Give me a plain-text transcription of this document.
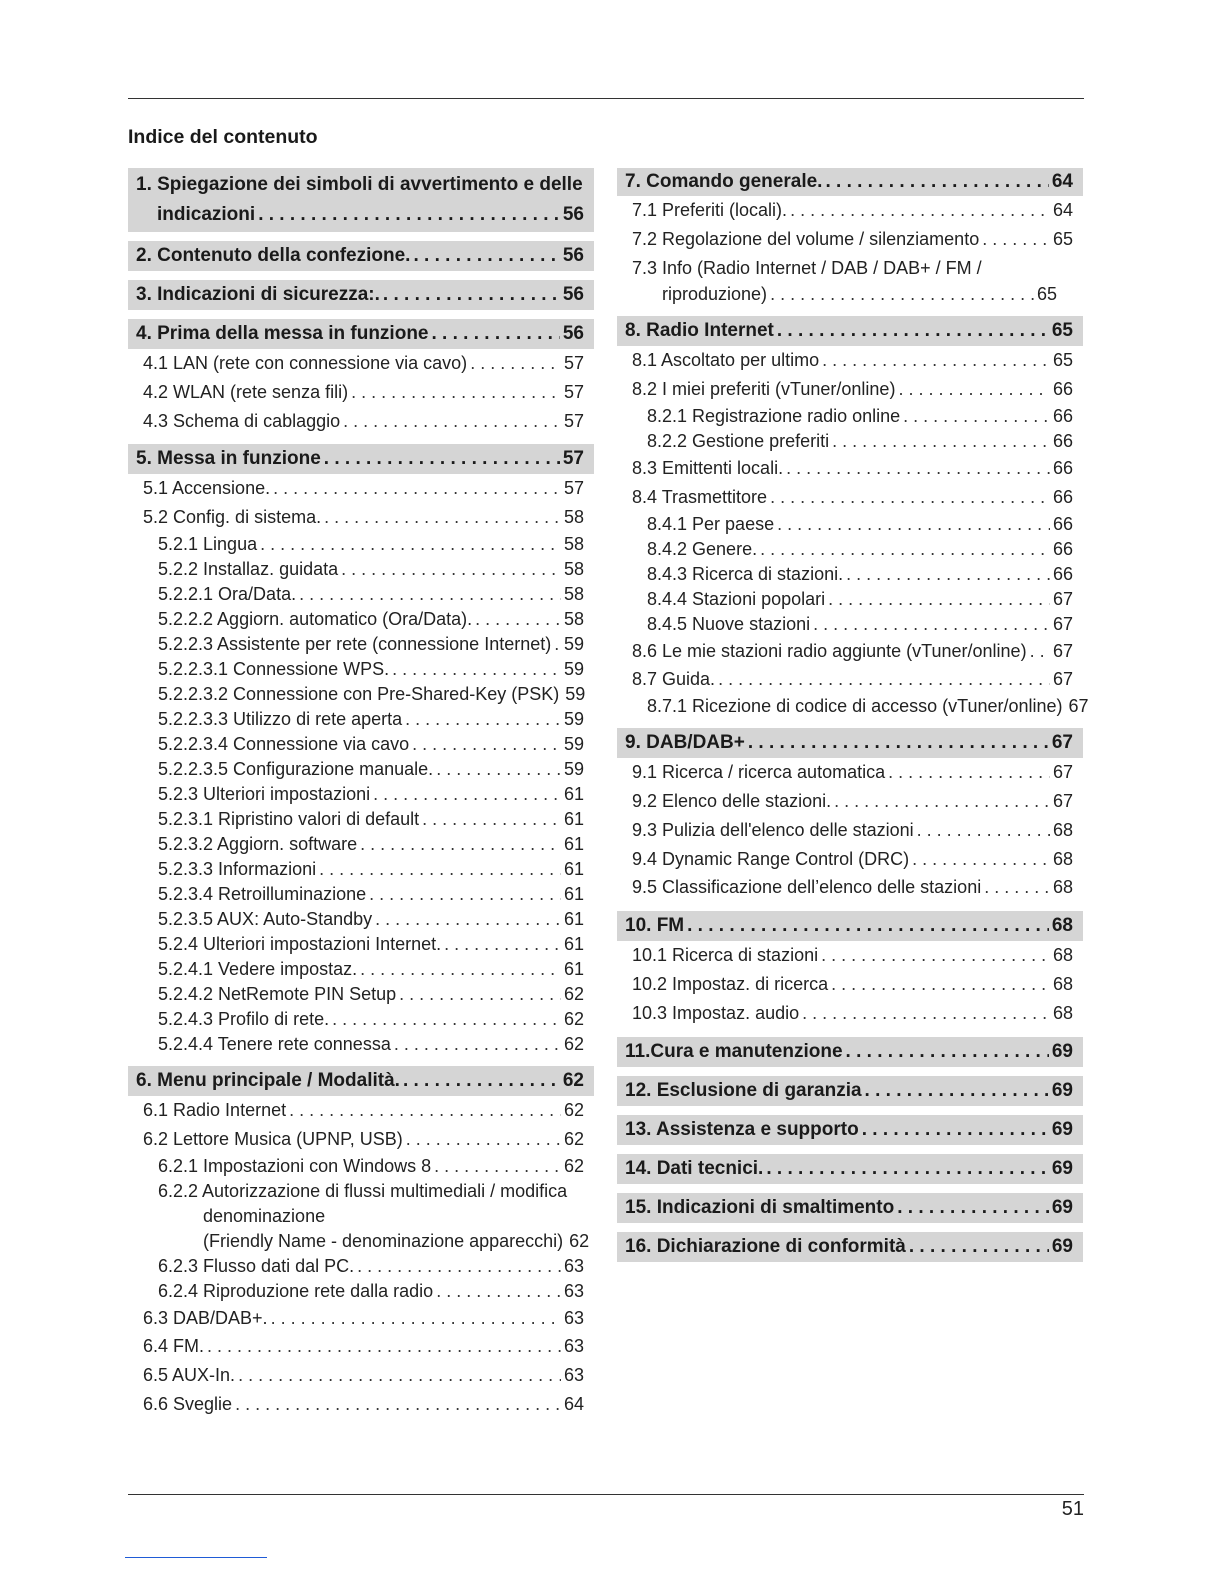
Indice del contenuto
1. Spiegazione dei simboli di avvertimento e delle
indicazioni . . .	56
2. Contenuto della confezione. . . .	56
3. Indicazioni di sicurezza:. . . .	56
4. Prima della messa in funzione . . .	56
4.1 LAN (rete con connessione via cavo) . . .	57
4.2 WLAN (rete senza fili) . . .	57
4.3 Schema di cablaggio . . .	57
5. Messa in funzione . . .	57
5.1 Accensione. . . .	57
5.2 Config. di sistema. . . .	58
5.2.1 Lingua . . .	58
5.2.2 Installaz. guidata . . .	58
5.2.2.1 Ora/Data. . . .	58
5.2.2.2 Aggiorn. automatico (Ora/Data). . . .	58
5.2.2.3 Assistente per rete (connessione Internet) . . . 59
5.2.2.3.1 Connessione WPS. . . .	59
5.2.2.3.2 Connessione con Pre-Shared-Key (PSK) 59
5.2.2.3.3 Utilizzo di rete aperta . . .	59
5.2.2.3.4 Connessione via cavo . . .	59
5.2.2.3.5 Configurazione manuale. . . .	59
5.2.3 Ulteriori impostazioni . . .	61
5.2.3.1 Ripristino valori di default . . .	61
5.2.3.2 Aggiorn. software . . .	61
5.2.3.3 Informazioni . . .	61
5.2.3.4 Retroilluminazione . . .	61
5.2.3.5 AUX: Auto-Standby . . .	61
5.2.4 Ulteriori impostazioni Internet. . . .	61
5.2.4.1 Vedere impostaz. . . .	61
5.2.4.2 NetRemote PIN Setup . . .	62
5.2.4.3 Profilo di rete. . . .	62
5.2.4.4 Tenere rete connessa . . .	62
6. Menu principale / Modalità. . . .	62
6.1 Radio Internet . . .	62
6.2 Lettore Musica (UPNP, USB) . . .	62
6.2.1 Impostazioni con Windows 8 . . .	62
6.2.2 Autorizzazione di flussi multimediali / modifica
denominazione
(Friendly Name - denominazione apparecchi) 62
6.2.3 Flusso dati dal PC. . . .	63
6.2.4 Riproduzione rete dalla radio . . .	63
6.3 DAB/DAB+. . . .	63
6.4 FM. . . .	63
6.5 AUX-In. . . .	63
6.6 Sveglie . . .	64
7. Comando generale. . . .	64
7.1 Preferiti (locali). . . .	64
7.2 Regolazione del volume / silenziamento . . .	65
7.3 Info (Radio Internet / DAB / DAB+ / FM /
riproduzione) . . .	65
8. Radio Internet . . .	65
8.1 Ascoltato per ultimo . . .	65
8.2 I miei preferiti (vTuner/online) . . .	66
8.2.1 Registrazione radio online . . .	66
8.2.2 Gestione preferiti . . .	66
8.3 Emittenti locali. . . .	66
8.4 Trasmettitore . . .	66
8.4.1 Per paese . . .	66
8.4.2 Genere. . . .	66
8.4.3 Ricerca di stazioni. . . .	66
8.4.4 Stazioni popolari . . .	67
8.4.5 Nuove stazioni . . .	67
8.6 Le mie stazioni radio aggiunte (vTuner/online) . . . 67
8.7 Guida. . . .	67
8.7.1 Ricezione di codice di accesso (vTuner/online) 67
9. DAB/DAB+ . . .	67
9.1 Ricerca / ricerca automatica . . .	67
9.2 Elenco delle stazioni. . . .	67
9.3 Pulizia dell'elenco delle stazioni . . .	68
9.4 Dynamic Range Control (DRC) . . .	68
9.5 Classificazione dell’elenco delle stazioni . . .	68
10. FM . . .	68
10.1 Ricerca di stazioni . . .	68
10.2 Impostaz. di ricerca . . .	68
10.3 Impostaz. audio . . .	68
11.Cura e manutenzione . . .	69
12. Esclusione di garanzia . . .	69
13. Assistenza e supporto . . .	69
14. Dati tecnici. . . .	69
15. Indicazioni di smaltimento . . .	69
16. Dichiarazione di conformità . . .	69
51
